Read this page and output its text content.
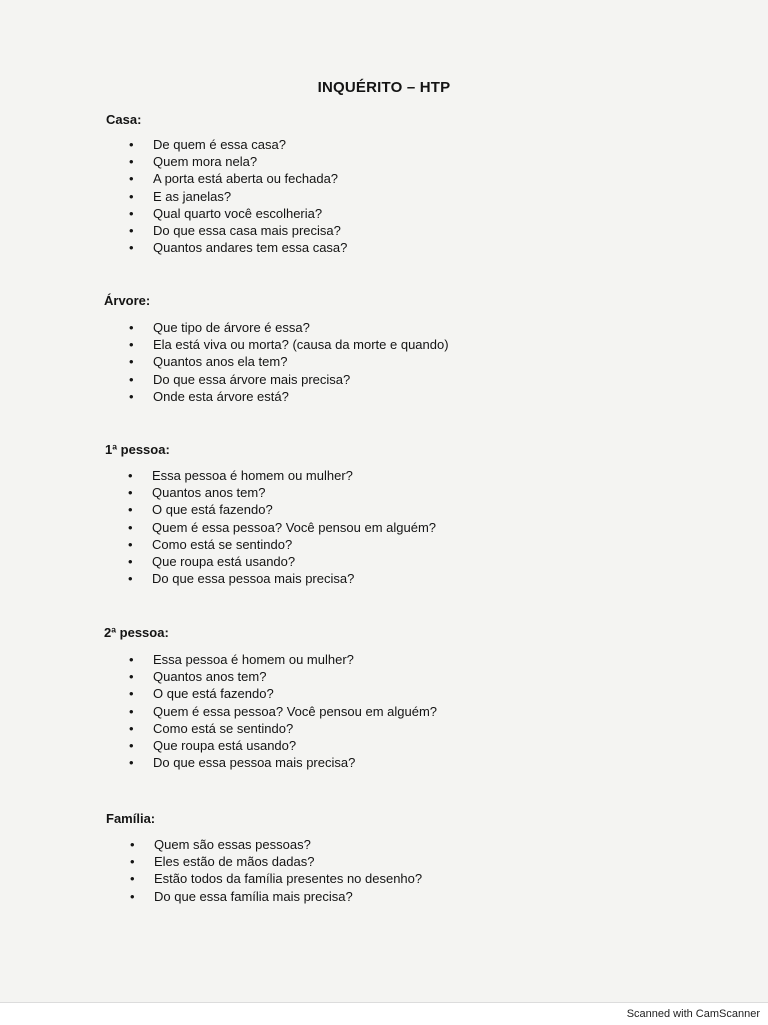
INQUÉRITO – HTP
Casa:
•	De quem é essa casa?
•	Quem mora nela?
•	A porta está aberta ou fechada?
•	E as janelas?
•	Qual quarto você escolheria?
•	Do que essa casa mais precisa?
•	Quantos andares tem essa casa?
Árvore:
•	Que tipo de árvore é essa?
•	Ela está viva ou morta? (causa da morte e quando)
•	Quantos anos ela tem?
•	Do que essa árvore mais precisa?
•	Onde esta árvore está?
1ª pessoa:
•	Essa pessoa é homem ou mulher?
•	Quantos anos tem?
•	O que está fazendo?
•	Quem é essa pessoa? Você pensou em alguém?
•	Como está se sentindo?
•	Que roupa está usando?
•	Do que essa pessoa mais precisa?
2ª pessoa:
•	Essa pessoa é homem ou mulher?
•	Quantos anos tem?
•	O que está fazendo?
•	Quem é essa pessoa? Você pensou em alguém?
•	Como está se sentindo?
•	Que roupa está usando?
•	Do que essa pessoa mais precisa?
Família:
•	Quem são essas pessoas?
•	Eles estão de mãos dadas?
•	Estão todos da família presentes no desenho?
•	Do que essa família mais precisa?
Scanned with CamScanner
